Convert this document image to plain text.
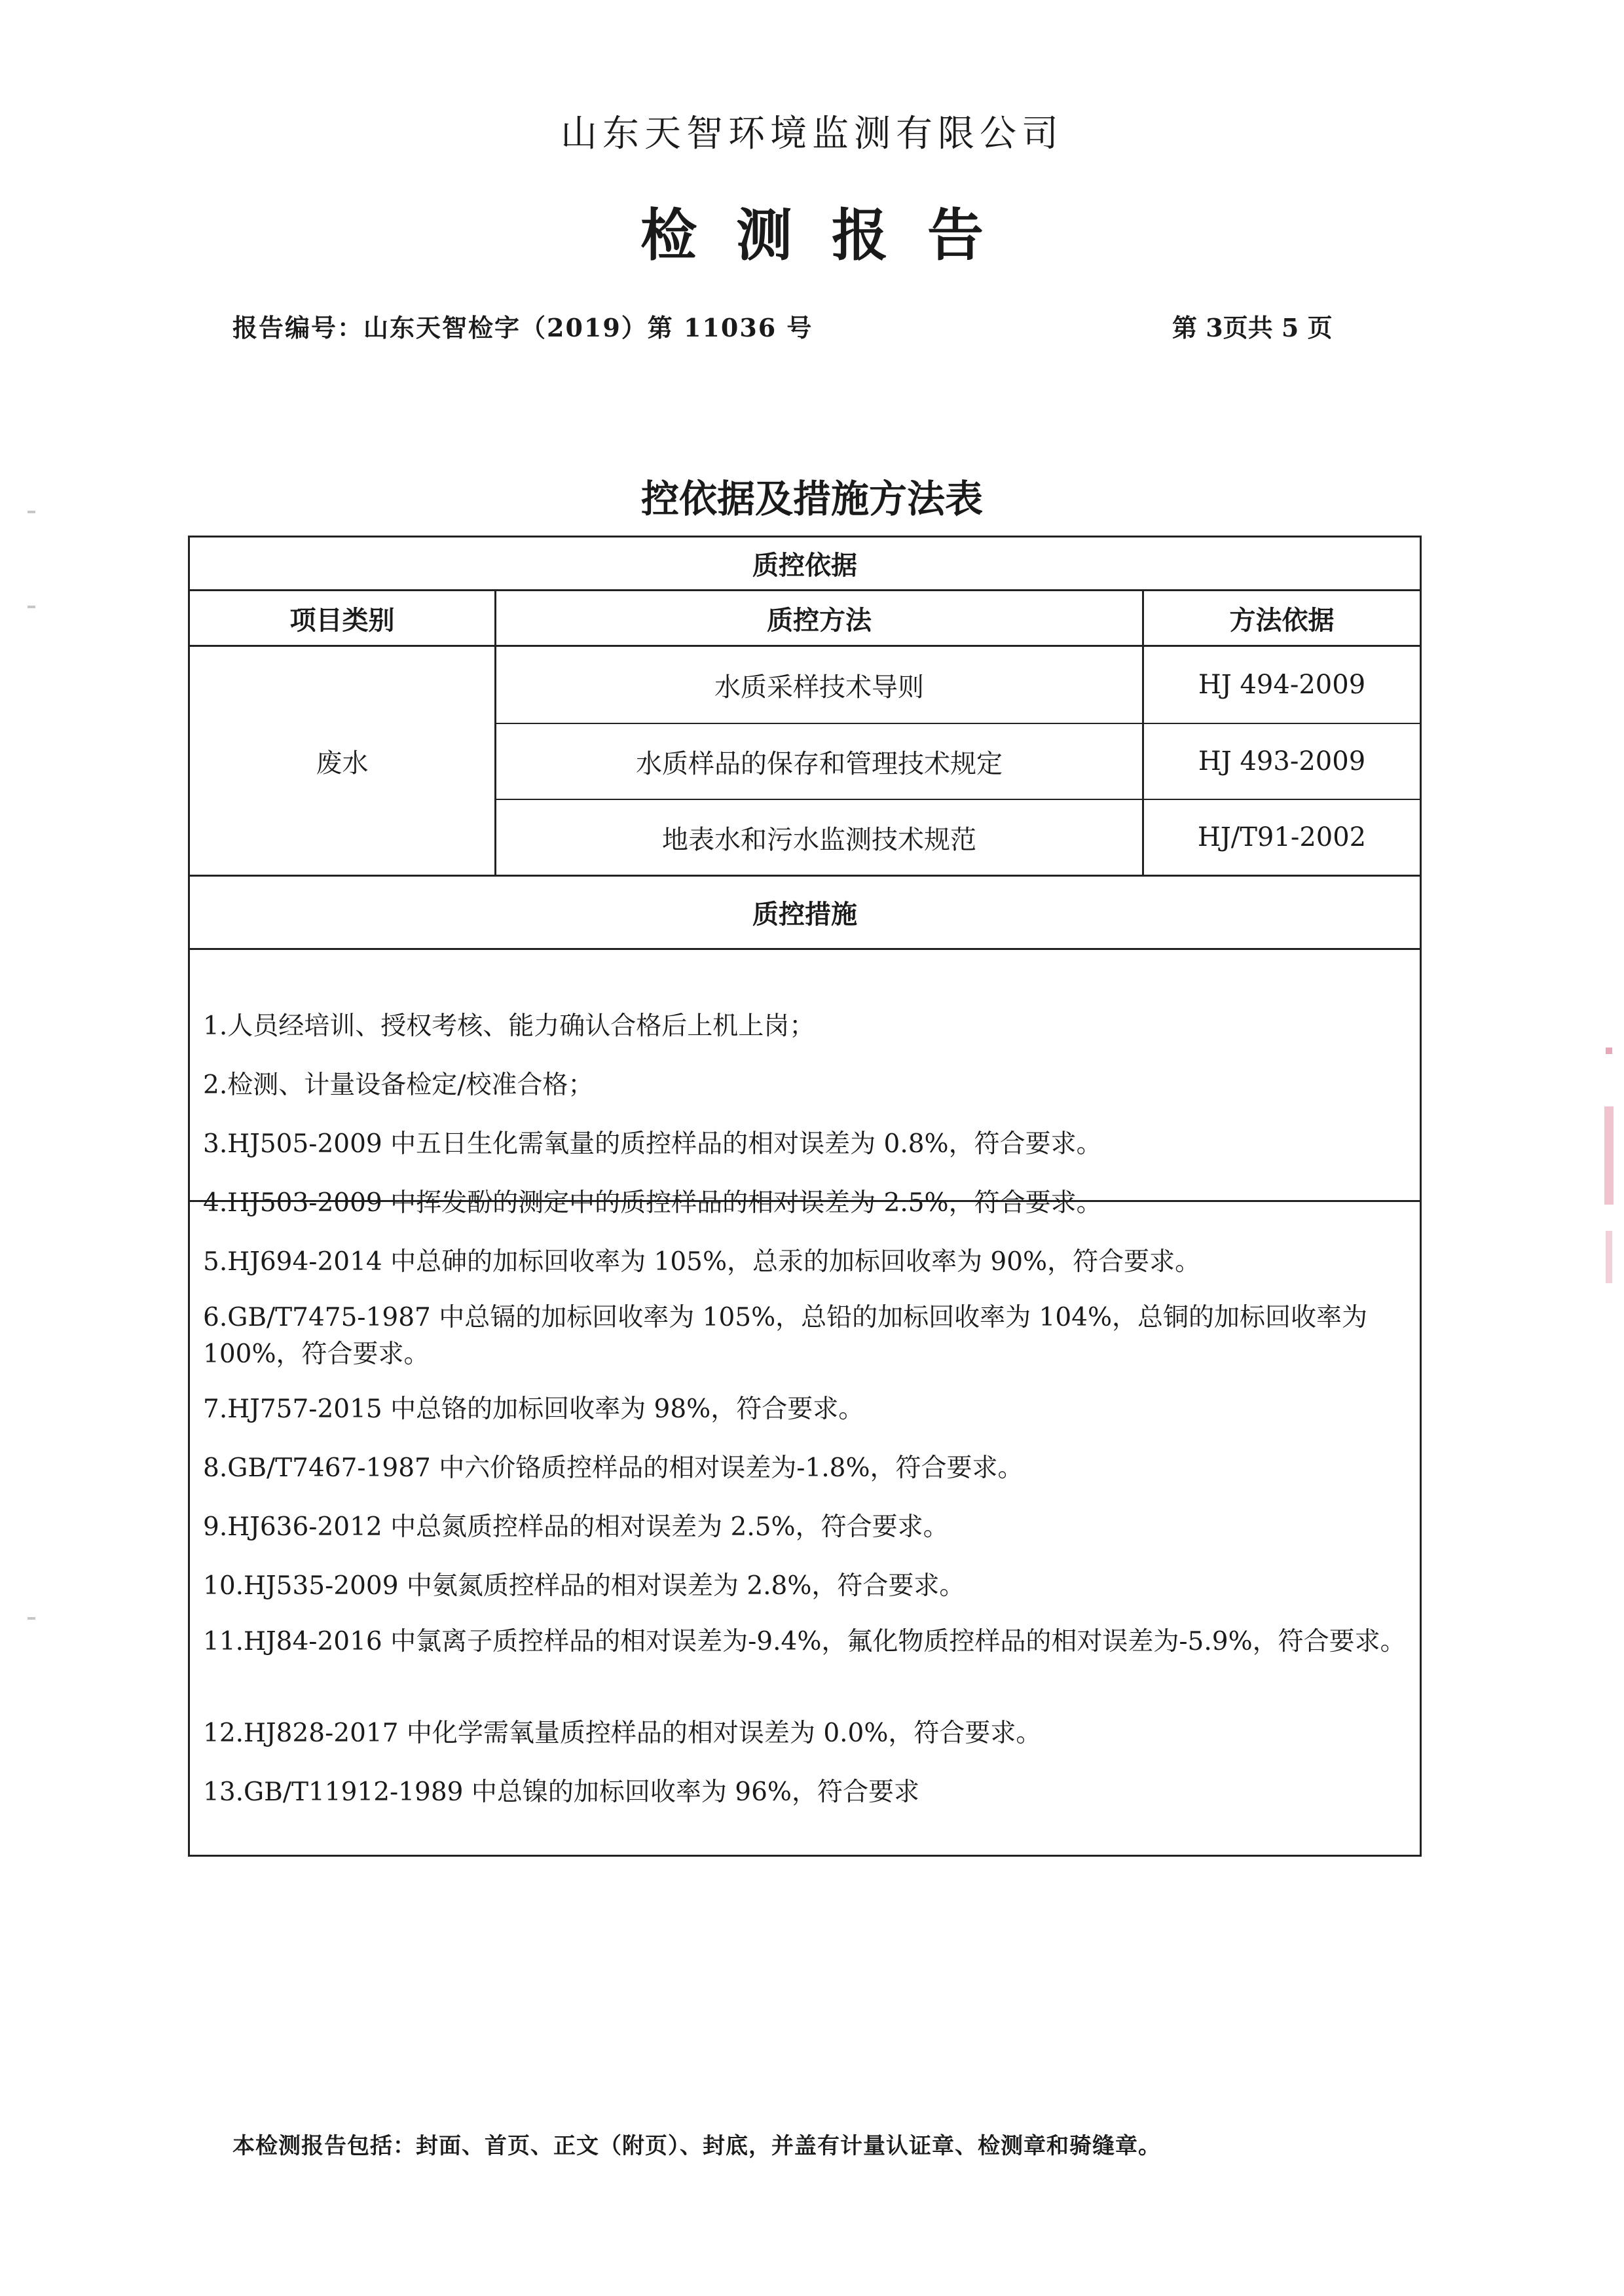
山东天智环境监测有限公司
检测报告
报告编号：山东天智检字（2019）第 11036 号	第 3页共 5 页
控依据及措施方法表
质控依据
项目类别	质控方法	方法依据
废水
水质采样技术导则	HJ 494-2009
水质样品的保存和管理技术规定	HJ 493-2009
地表水和污水监测技术规范	HJ/T91-2002
质控措施
1.人员经培训、授权考核、能力确认合格后上机上岗；
2.检测、计量设备检定/校准合格；
3.HJ505-2009 中五日生化需氧量的质控样品的相对误差为 0.8%，符合要求。
4.HJ503-2009 中挥发酚的测定中的质控样品的相对误差为 2.5%，符合要求。
5.HJ694-2014 中总砷的加标回收率为 105%，总汞的加标回收率为 90%，符合要求。
6.GB/T7475-1987 中总镉的加标回收率为 105%，总铅的加标回收率为 104%，总铜的加标回收率为 100%，符合要求。
7.HJ757-2015 中总铬的加标回收率为 98%，符合要求。
8.GB/T7467-1987 中六价铬质控样品的相对误差为-1.8%，符合要求。
9.HJ636-2012 中总氮质控样品的相对误差为 2.5%，符合要求。
10.HJ535-2009 中氨氮质控样品的相对误差为 2.8%，符合要求。
11.HJ84-2016 中氯离子质控样品的相对误差为-9.4%，氟化物质控样品的相对误差为-5.9%，符合要求。
12.HJ828-2017 中化学需氧量质控样品的相对误差为 0.0%，符合要求。
13.GB/T11912-1989 中总镍的加标回收率为 96%，符合要求
本检测报告包括：封面、首页、正文（附页）、封底，并盖有计量认证章、检测章和骑缝章。
